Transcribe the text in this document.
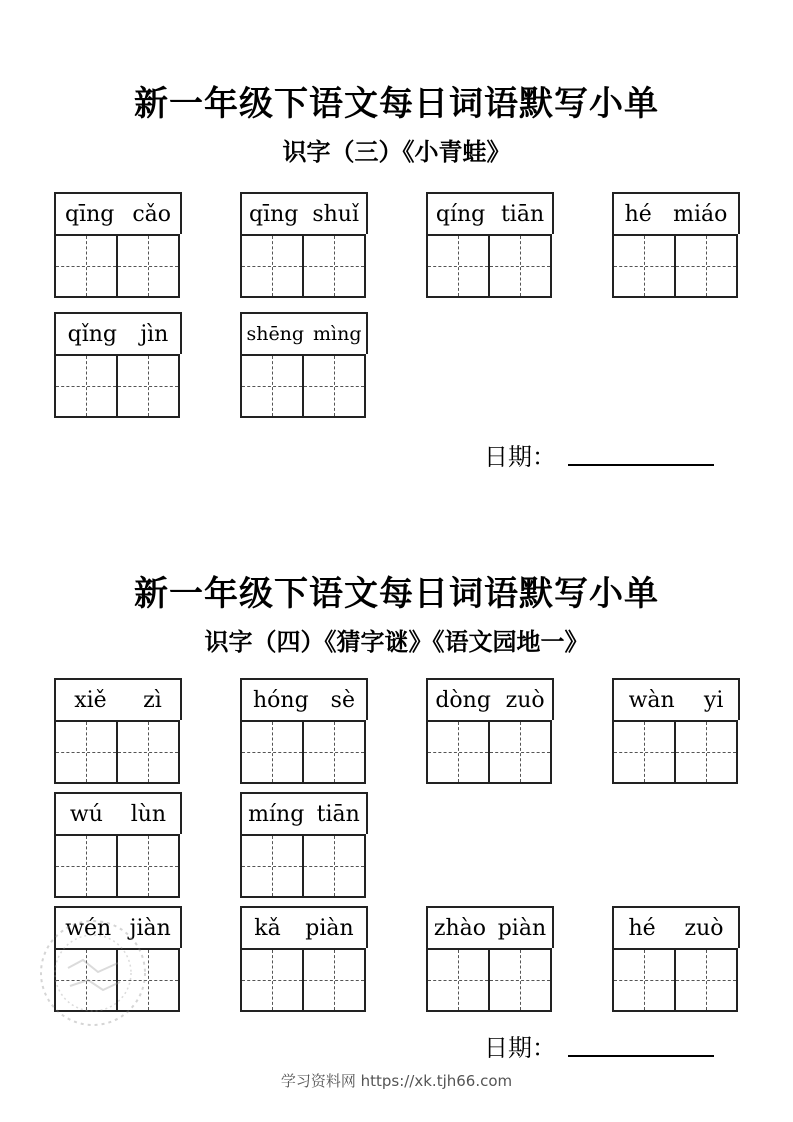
新一年级下语文每日词语默写小单
识字（三）《小青蛙》
qīng cǎo	qīng shuǐ	qíng tiān	hé miáo
qǐng jìn	shēng mìng
日期：
新一年级下语文每日词语默写小单
识字（四）《猜字谜》《语文园地一》
xiě zì	hóng sè	dòng zuò	wàn yi
wú lùn	míng tiān
wén jiàn	kǎ piàn	zhào piàn	hé zuò
日期：
学习资料网 https://xk.tjh66.com
